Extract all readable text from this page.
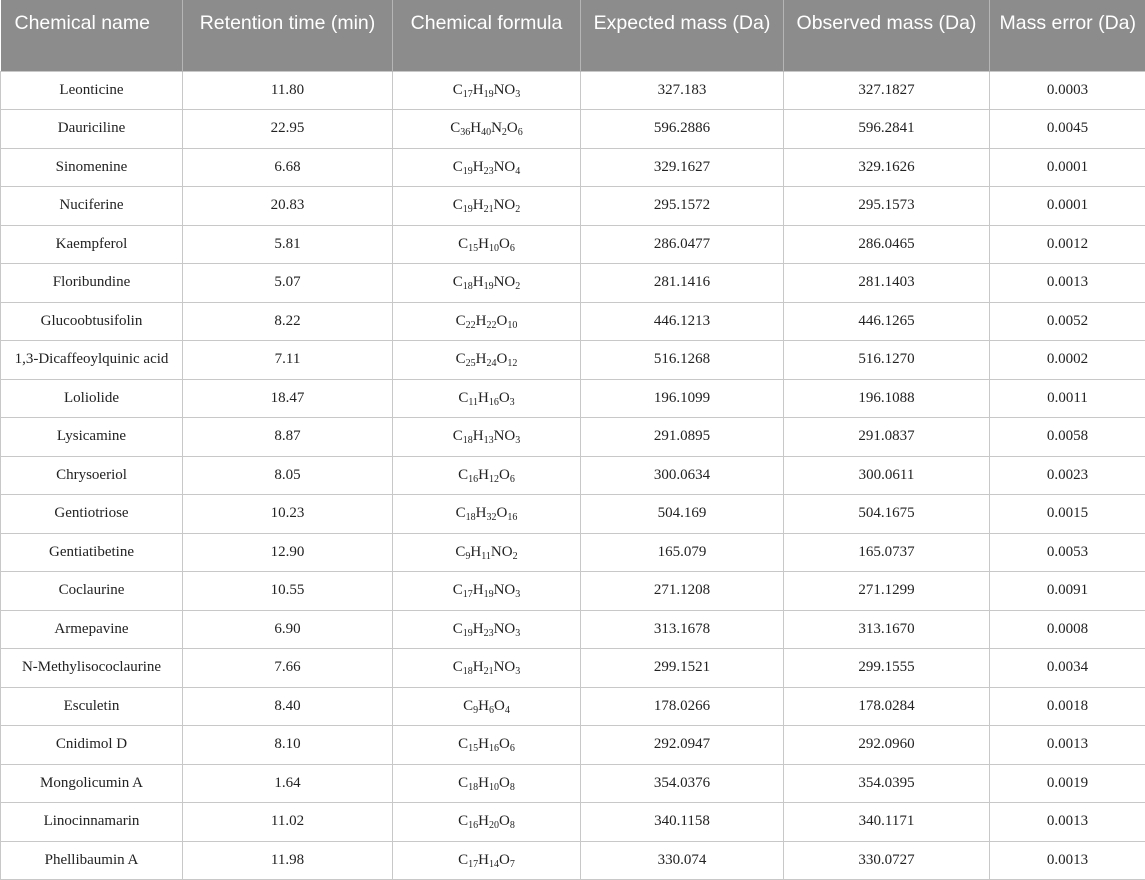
Chemical name	Retention time (min)	Chemical formula	Expected mass (Da)	Observed mass (Da)	Mass error (Da)
Leonticine	11.80	$C_{17}H_{19}NO_3$	327.183	327.1827	0.0003
Dauriciline	22.95	$C_{36}H_{40}N_2O_6$	596.2886	596.2841	0.0045
Sinomenine	6.68	$C_{19}H_{23}NO_4$	329.1627	329.1626	0.0001
Nuciferine	20.83	$C_{19}H_{21}NO_2$	295.1572	295.1573	0.0001
Kaempferol	5.81	$C_{15}H_{10}O_6$	286.0477	286.0465	0.0012
Floribundine	5.07	$C_{18}H_{19}NO_2$	281.1416	281.1403	0.0013
Glucoobtusifolin	8.22	$C_{22}H_{22}O_{10}$	446.1213	446.1265	0.0052
1,3-Dicaffeoylquinic acid	7.11	$C_{25}H_{24}O_{12}$	516.1268	516.1270	0.0002
Loliolide	18.47	$C_{11}H_{16}O_3$	196.1099	196.1088	0.0011
Lysicamine	8.87	$C_{18}H_{13}NO_3$	291.0895	291.0837	0.0058
Chrysoeriol	8.05	$C_{16}H_{12}O_6$	300.0634	300.0611	0.0023
Gentiotriose	10.23	$C_{18}H_{32}O_{16}$	504.169	504.1675	0.0015
Gentiatibetine	12.90	$C_9H_{11}NO_2$	165.079	165.0737	0.0053
Coclaurine	10.55	$C_{17}H_{19}NO_3$	271.1208	271.1299	0.0091
Armepavine	6.90	$C_{19}H_{23}NO_3$	313.1678	313.1670	0.0008
N-Methylisococlaurine	7.66	$C_{18}H_{21}NO_3$	299.1521	299.1555	0.0034
Esculetin	8.40	$C_9H_6O_4$	178.0266	178.0284	0.0018
Cnidimol D	8.10	$C_{15}H_{16}O_6$	292.0947	292.0960	0.0013
Mongolicumin A	1.64	$C_{18}H_{10}O_8$	354.0376	354.0395	0.0019
Linocinnamarin	11.02	$C_{16}H_{20}O_8$	340.1158	340.1171	0.0013
Phellibaumin A	11.98	$C_{17}H_{14}O_7$	330.074	330.0727	0.0013
